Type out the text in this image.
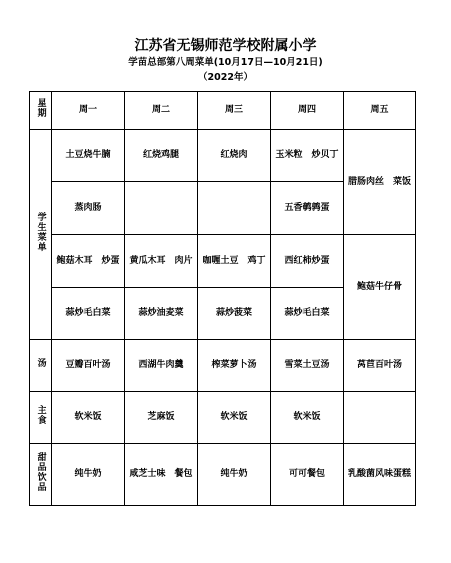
江苏省无锡师范学校附属小学
学苗总部第八周菜单(10月17日—10月21日)
（2022年）
星期	周一	周二	周三	周四	周五
学生菜单	土豆烧牛腩	红烧鸡腿	红烧肉	玉米粒　炒贝丁	腊肠肉丝　菜饭
	蒸肉肠			五香鹌鹑蛋	
	鲍菇木耳　炒蛋	黄瓜木耳　肉片	咖喱土豆　鸡丁	西红柿炒蛋	鲍菇牛仔骨
	蒜炒毛白菜	蒜炒油麦菜	蒜炒菠菜	蒜炒毛白菜	
汤	豆瓣百叶汤	西湖牛肉羹	榨菜萝卜汤	雪菜土豆汤	莴苣百叶汤
主食	软米饭	芝麻饭	软米饭	软米饭	
甜品饮品	纯牛奶	咸芝士味　餐包	纯牛奶	可可餐包	乳酸菌风味蛋糕
